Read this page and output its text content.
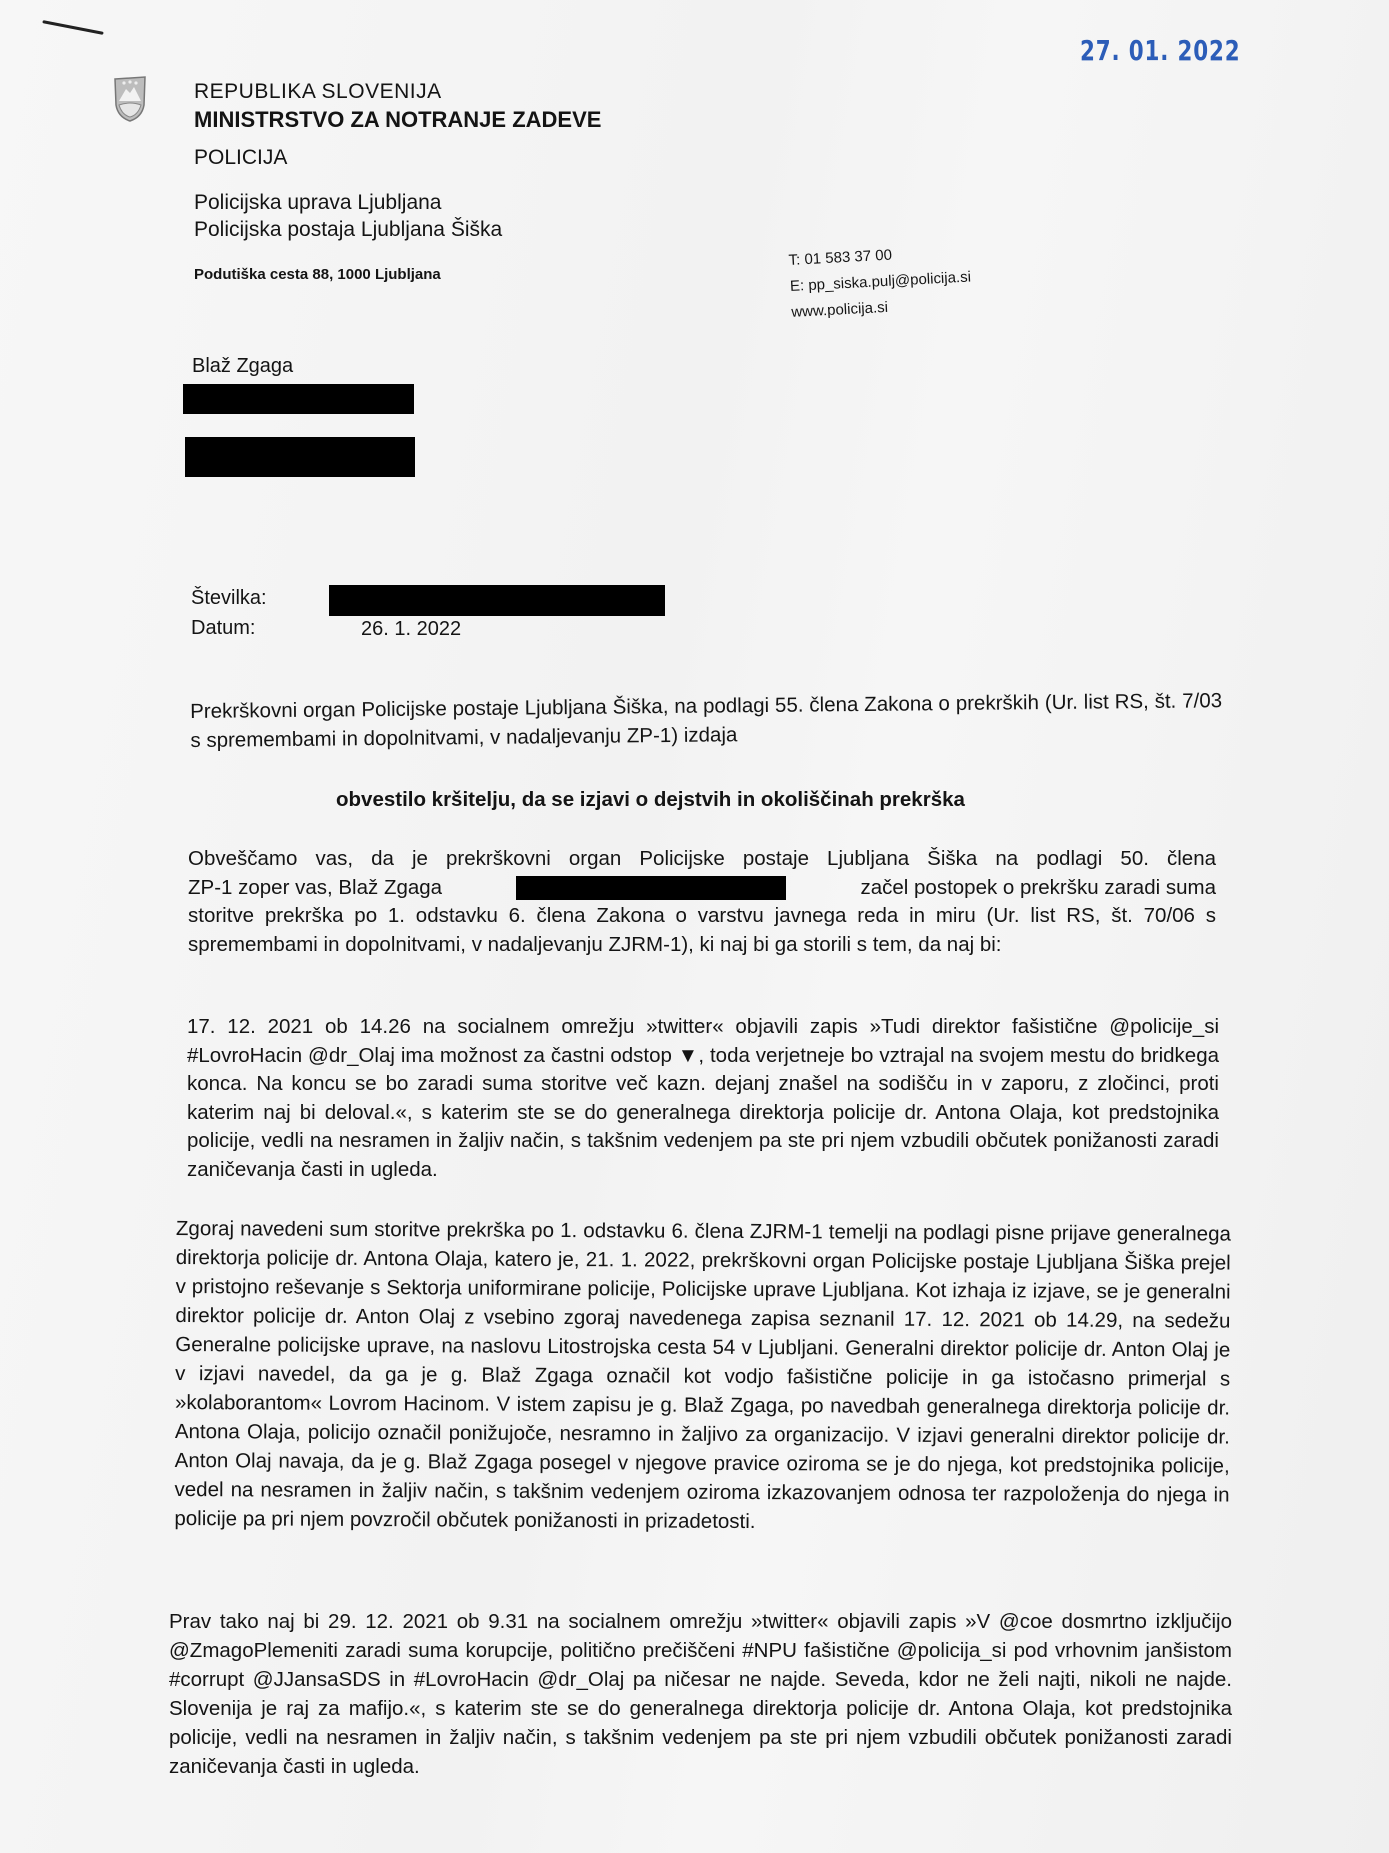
27. 01. 2022
REPUBLIKA SLOVENIJA
MINISTRSTVO ZA NOTRANJE ZADEVE
POLICIJA
Policijska uprava Ljubljana
Policijska postaja Ljubljana Šiška
Podutiška cesta 88, 1000 Ljubljana
T: 01 583 37 00
E: pp_siska.pulj@policija.si
www.policija.si
Blaž Zgaga
Številka:
Datum:	26. 1. 2022
Prekrškovni organ Policijske postaje Ljubljana Šiška, na podlagi 55. člena Zakona o prekrških (Ur. list RS, št. 7/03 s spremembami in dopolnitvami, v nadaljevanju ZP-1) izdaja
obvestilo kršitelju, da se izjavi o dejstvih in okoliščinah prekrška
Obveščamo vas, da je prekrškovni organ Policijske postaje Ljubljana Šiška na podlagi 50. člena
ZP-1 zoper vas, Blaž Zgaga	začel postopek o prekršku zaradi suma
storitve prekrška po 1. odstavku 6. člena Zakona o varstvu javnega reda in miru (Ur. list RS, št. 70/06 s spremembami in dopolnitvami, v nadaljevanju ZJRM-1), ki naj bi ga storili s tem, da naj bi:
17. 12. 2021 ob 14.26 na socialnem omrežju »twitter« objavili zapis »Tudi direktor fašistične @policije_si #LovroHacin @dr_Olaj ima možnost za častni odstop ▼, toda verjetneje bo vztrajal na svojem mestu do bridkega konca. Na koncu se bo zaradi suma storitve več kazn. dejanj znašel na sodišču in v zaporu, z zločinci, proti katerim naj bi deloval.«, s katerim ste se do generalnega direktorja policije dr. Antona Olaja, kot predstojnika policije, vedli na nesramen in žaljiv način, s takšnim vedenjem pa ste pri njem vzbudili občutek ponižanosti zaradi zaničevanja časti in ugleda.
Zgoraj navedeni sum storitve prekrška po 1. odstavku 6. člena ZJRM-1 temelji na podlagi pisne prijave generalnega direktorja policije dr. Antona Olaja, katero je, 21. 1. 2022, prekrškovni organ Policijske postaje Ljubljana Šiška prejel v pristojno reševanje s Sektorja uniformirane policije, Policijske uprave Ljubljana. Kot izhaja iz izjave, se je generalni direktor policije dr. Anton Olaj z vsebino zgoraj navedenega zapisa seznanil 17. 12. 2021 ob 14.29, na sedežu Generalne policijske uprave, na naslovu Litostrojska cesta 54 v Ljubljani. Generalni direktor policije dr. Anton Olaj je v izjavi navedel, da ga je g. Blaž Zgaga označil kot vodjo fašistične policije in ga istočasno primerjal s »kolaborantom« Lovrom Hacinom. V istem zapisu je g. Blaž Zgaga, po navedbah generalnega direktorja policije dr. Antona Olaja, policijo označil ponižujoče, nesramno in žaljivo za organizacijo. V izjavi generalni direktor policije dr. Anton Olaj navaja, da je g. Blaž Zgaga posegel v njegove pravice oziroma se je do njega, kot predstojnika policije, vedel na nesramen in žaljiv način, s takšnim vedenjem oziroma izkazovanjem odnosa ter razpoloženja do njega in policije pa pri njem povzročil občutek ponižanosti in prizadetosti.
Prav tako naj bi 29. 12. 2021 ob 9.31 na socialnem omrežju »twitter« objavili zapis »V @coe dosmrtno izključijo @ZmagoPlemeniti zaradi suma korupcije, politično prečiščeni #NPU fašistične @policija_si pod vrhovnim janšistom #corrupt @JJansaSDS in #LovroHacin @dr_Olaj pa ničesar ne najde. Seveda, kdor ne želi najti, nikoli ne najde. Slovenija je raj za mafijo.«, s katerim ste se do generalnega direktorja policije dr. Antona Olaja, kot predstojnika policije, vedli na nesramen in žaljiv način, s takšnim vedenjem pa ste pri njem vzbudili občutek ponižanosti zaradi zaničevanja časti in ugleda.
